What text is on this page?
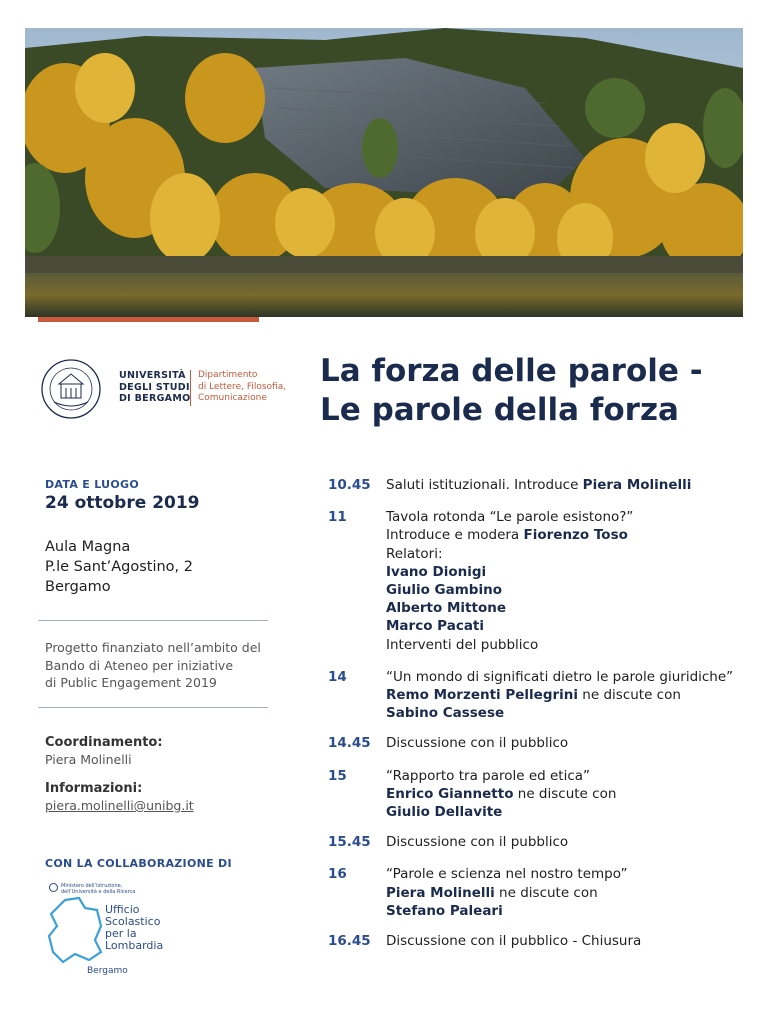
UNIVERSITÀ
DEGLI STUDI
DI BERGAMO
Dipartimento
di Lettere, Filosofia,
Comunicazione
La forza delle parole -
Le parole della forza
DATA E LUOGO
24 ottobre 2019
Aula Magna
P.le Sant’Agostino, 2
Bergamo
Progetto finanziato nell’ambito del
Bando di Ateneo per iniziative
di Public Engagement 2019
Coordinamento:
Piera Molinelli
Informazioni:
piera.molinelli@unibg.it
CON LA COLLABORAZIONE DI
Ministero dell’Istruzione,
dell’Università e della Ricerca
Ufficio
Scolastico
per la
Lombardia
Bergamo
10.45 Saluti istituzionali. Introduce Piera Molinelli
11	Tavola rotonda “Le parole esistono?”
Introduce e modera Fiorenzo Toso
Relatori:
Ivano Dionigi
Giulio Gambino
Alberto Mittone
Marco Pacati
Interventi del pubblico
14	“Un mondo di significati dietro le parole giuridiche”
Remo Morzenti Pellegrini ne discute con
Sabino Cassese
14.45 Discussione con il pubblico
15	“Rapporto tra parole ed etica”
Enrico Giannetto ne discute con
Giulio Dellavite
15.45 Discussione con il pubblico
16	“Parole e scienza nel nostro tempo”
Piera Molinelli ne discute con
Stefano Paleari
16.45 Discussione con il pubblico - Chiusura
